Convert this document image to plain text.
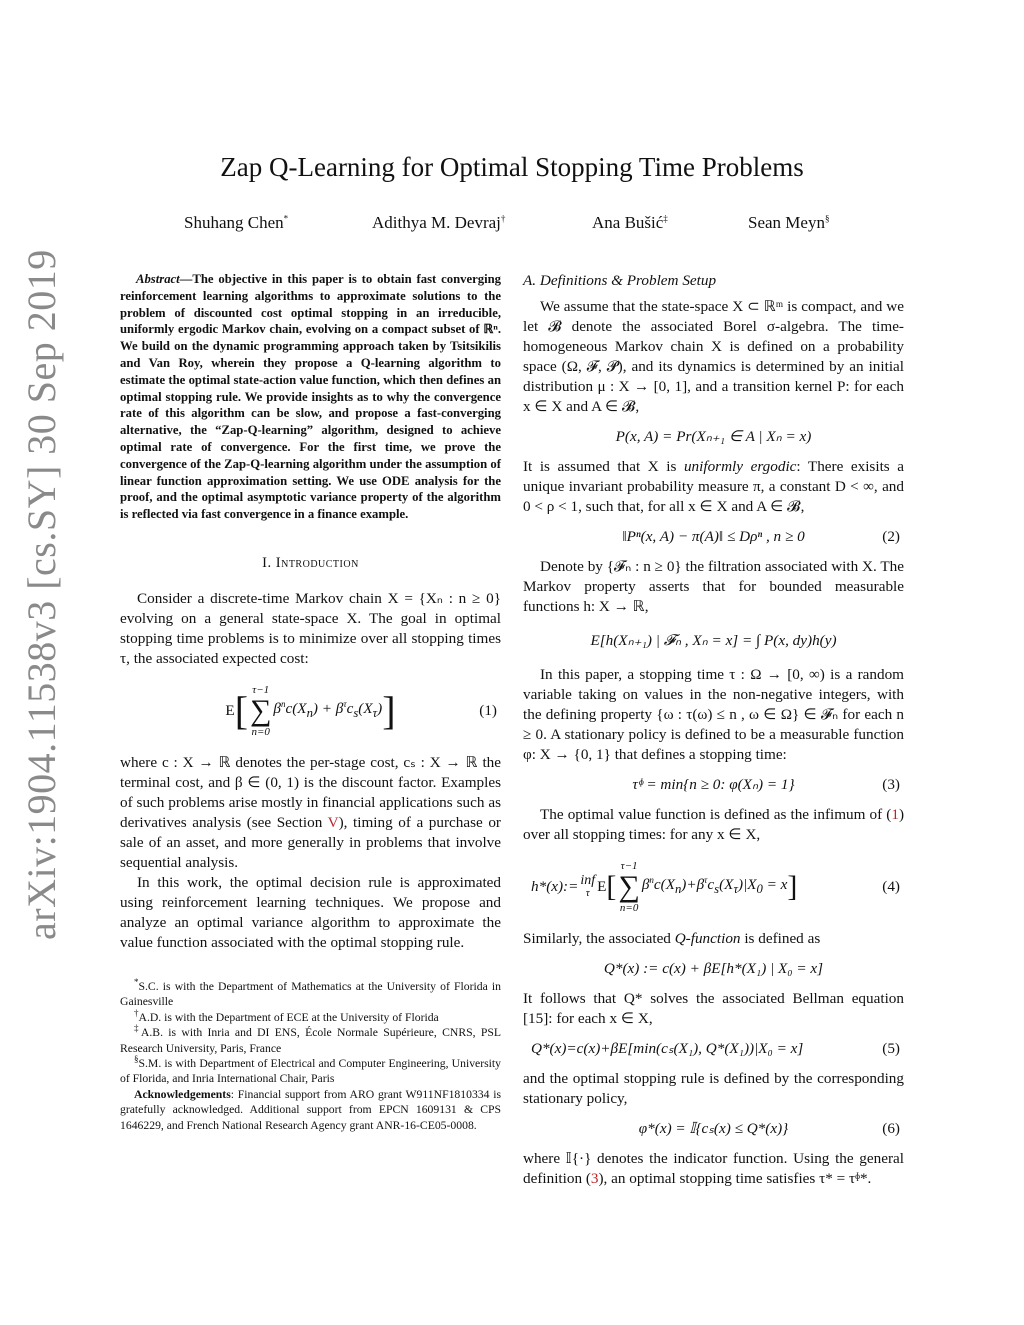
arXiv:1904.11538v3 [cs.SY] 30 Sep 2019
Zap Q-Learning for Optimal Stopping Time Problems
Shuhang Chen*	Adithya M. Devraj†	Ana Bušić‡	Sean Meyn§
Abstract—The objective in this paper is to obtain fast converging reinforcement learning algorithms to approximate solutions to the problem of discounted cost optimal stopping in an irreducible, uniformly ergodic Markov chain, evolving on a compact subset of ℝⁿ. We build on the dynamic programming approach taken by Tsitsikilis and Van Roy, wherein they propose a Q-learning algorithm to estimate the optimal state-action value function, which then defines an optimal stopping rule. We provide insights as to why the convergence rate of this algorithm can be slow, and propose a fast-converging alternative, the “Zap-Q-learning” algorithm, designed to achieve optimal rate of convergence. For the first time, we prove the convergence of the Zap-Q-learning algorithm under the assumption of linear function approximation setting. We use ODE analysis for the proof, and the optimal asymptotic variance property of the algorithm is reflected via fast convergence in a finance example.
I. Introduction
Consider a discrete-time Markov chain X = {Xₙ : n ≥ 0} evolving on a general state-space X. The goal in optimal stopping time problems is to minimize over all stopping times τ, the associated expected cost:
E [ τ−1
∑
n=0
$\beta^nc(X_n) + \beta^\tau c_s(X_\tau)$ ]	(1)
where c : X → ℝ denotes the per-stage cost, cₛ : X → ℝ the terminal cost, and β ∈ (0, 1) is the discount factor. Examples of such problems arise mostly in financial applications such as derivatives analysis (see Section V), timing of a purchase or sale of an asset, and more generally in problems that involve sequential analysis.
In this work, the optimal decision rule is approximated using reinforcement learning techniques. We propose and analyze an optimal variance algorithm to approximate the value function associated with the optimal stopping rule.
*S.C. is with the Department of Mathematics at the University of Florida in Gainesville
†A.D. is with the Department of ECE at the University of Florida
‡A.B. is with Inria and DI ENS, École Normale Supérieure, CNRS, PSL Research University, Paris, France
§S.M. is with Department of Electrical and Computer Engineering, University of Florida, and Inria International Chair, Paris
Acknowledgements: Financial support from ARO grant W911NF1810334 is gratefully acknowledged. Additional support from EPCN 1609131 & CPS 1646229, and French National Research Agency grant ANR-16-CE05-0008.
A. Definitions & Problem Setup
We assume that the state-space X ⊂ ℝᵐ is compact, and we let 𝓑 denote the associated Borel σ-algebra. The time-homogeneous Markov chain X is defined on a probability space (Ω, 𝓕, 𝓟), and its dynamics is determined by an initial distribution μ : X → [0, 1], and a transition kernel P: for each x ∈ X and A ∈ 𝓑,
P(x, A) = Pr(Xₙ₊₁ ∈ A | Xₙ = x)
It is assumed that X is uniformly ergodic: There exisits a unique invariant probability measure π, a constant D < ∞, and 0 < ρ < 1, such that, for all x ∈ X and A ∈ 𝓑,
‖Pⁿ(x, A) − π(A)‖ ≤ Dρⁿ , n ≥ 0	(2)
Denote by {𝓕ₙ : n ≥ 0} the filtration associated with X. The Markov property asserts that for bounded measurable functions h: X → ℝ,
E[h(Xₙ₊₁) | 𝓕ₙ , Xₙ = x] = ∫ P(x, dy)h(y)
In this paper, a stopping time τ : Ω → [0, ∞) is a random variable taking on values in the non-negative integers, with the defining property {ω : τ(ω) ≤ n , ω ∈ Ω} ∈ 𝓕ₙ for each n ≥ 0. A stationary policy is defined to be a measurable function φ: X → {0, 1} that defines a stopping time:
τᶲ = min{n ≥ 0: φ(Xₙ) = 1}	(3)
The optimal value function is defined as the infimum of (1) over all stopping times: for any x ∈ X,
h*(x):= inf
τ E [
τ−1
∑
n=0
$\beta^nc(X_n)+\beta^\tau c_s(X_\tau)|X_0 = x$ ]	(4)
Similarly, the associated Q-function is defined as
Q*(x) := c(x) + βE[h*(X₁) | X₀ = x]
It follows that Q* solves the associated Bellman equation [15]: for each x ∈ X,
Q*(x)=c(x)+βE[min(cₛ(X₁), Q*(X₁))|X₀ = x]	(5)
and the optimal stopping rule is defined by the corresponding stationary policy,
φ*(x) = 𝕀{cₛ(x) ≤ Q*(x)}	(6)
where 𝕀{·} denotes the indicator function. Using the general definition (3), an optimal stopping time satisfies τ* = τᶲ*.
